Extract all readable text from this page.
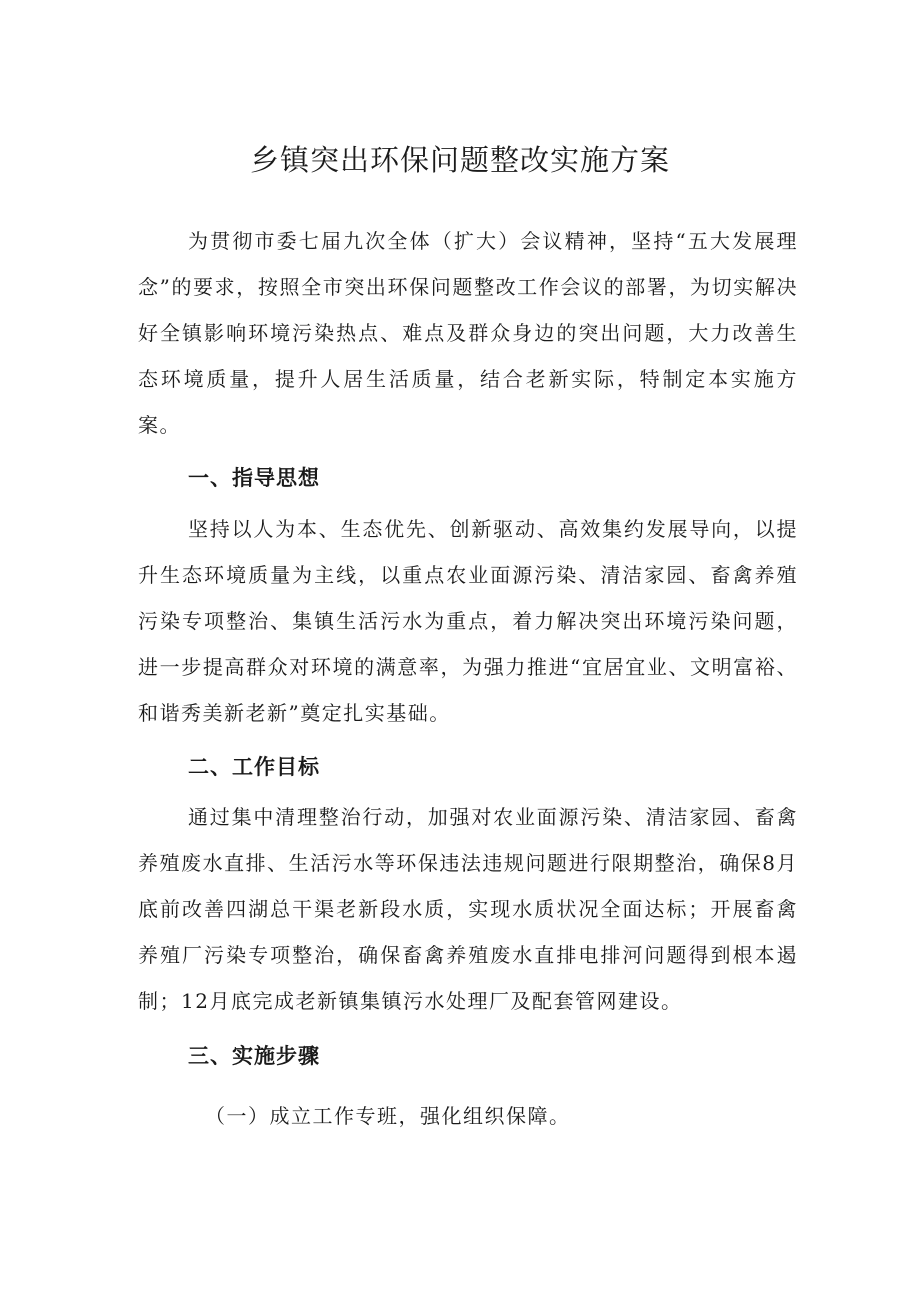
乡镇突出环保问题整改实施方案

为贯彻市委七届九次全体（扩大）会议精神，坚持“五大发展理念”的要求，按照全市突出环保问题整改工作会议的部署，为切实解决好全镇影响环境污染热点、难点及群众身边的突出问题，大力改善生态环境质量，提升人居生活质量，结合老新实际，特制定本实施方案。

一、指导思想

坚持以人为本、生态优先、创新驱动、高效集约发展导向，以提升生态环境质量为主线，以重点农业面源污染、清洁家园、畜禽养殖污染专项整治、集镇生活污水为重点，着力解决突出环境污染问题，进一步提高群众对环境的满意率，为强力推进“宜居宜业、文明富裕、和谐秀美新老新”奠定扎实基础。

二、工作目标

通过集中清理整治行动，加强对农业面源污染、清洁家园、畜禽养殖废水直排、生活污水等环保违法违规问题进行限期整治，确保8月底前改善四湖总干渠老新段水质，实现水质状况全面达标；开展畜禽养殖厂污染专项整治，确保畜禽养殖废水直排电排河问题得到根本遏制；12月底完成老新镇集镇污水处理厂及配套管网建设。

三、实施步骤

（一）成立工作专班，强化组织保障。
